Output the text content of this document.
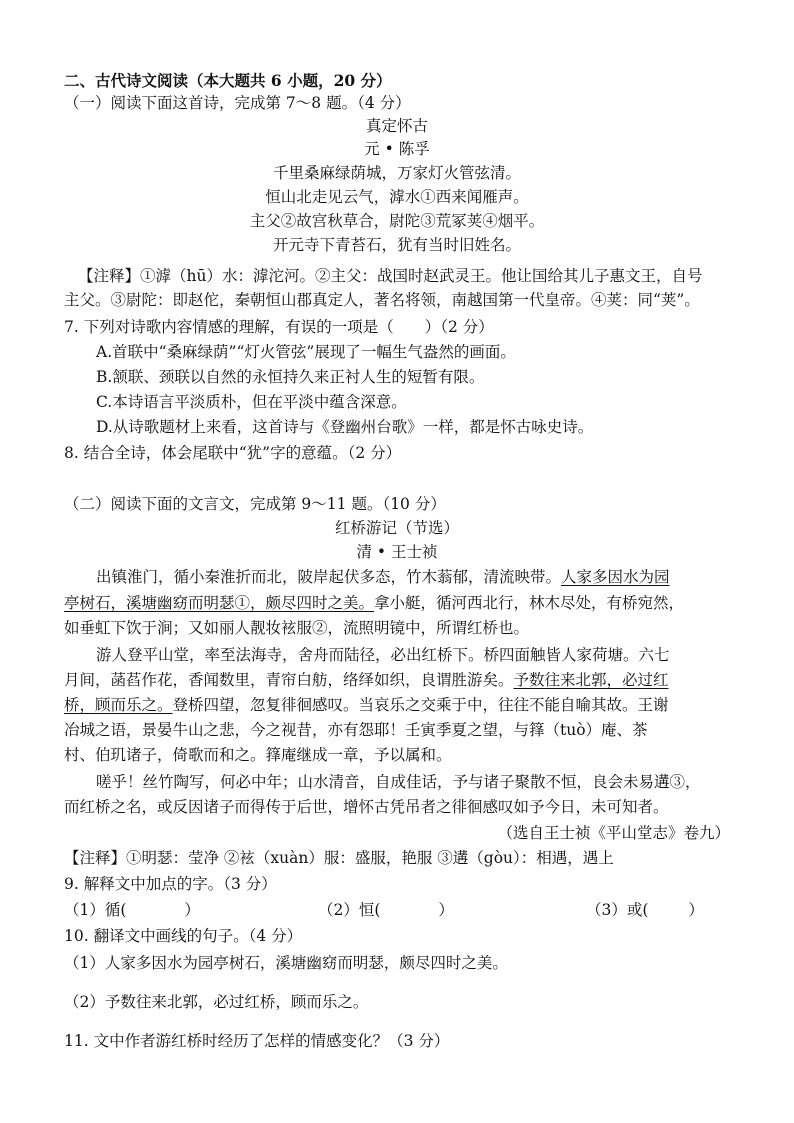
二、古代诗文阅读（本大题共 6 小题，20 分）
（一）阅读下面这首诗，完成第 7～8 题。（4 分）
真定怀古
元 • 陈孚
千里桑麻绿荫城，万家灯火管弦清。
恒山北走见云气，滹水①西来闻雁声。
主父②故宫秋草合，尉陀③荒冢荚④烟平。
开元寺下青苔石，犹有当时旧姓名。
【注释】①滹（hū）水：滹沱河。②主父：战国时赵武灵王。他让国给其儿子惠文王，自号
主父。③尉陀：即赵佗，秦朝恒山郡真定人，著名将领，南越国第一代皇帝。④荚：同“荚”。
7. 下列对诗歌内容情感的理解，有误的一项是（　　）（2 分）
A.首联中“桑麻绿荫”“灯火管弦”展现了一幅生气盎然的画面。
B.颔联、颈联以自然的永恒持久来正衬人生的短暂有限。
C.本诗语言平淡质朴，但在平淡中蕴含深意。
D.从诗歌题材上来看，这首诗与《登幽州台歌》一样，都是怀古咏史诗。
8. 结合全诗，体会尾联中“犹”字的意蕴。（2 分）
（二）阅读下面的文言文，完成第 9～11 题。（10 分）
红桥游记（节选）
清 • 王士祯
出镇淮门，循小秦淮折而北，陂岸起伏多态，竹木蓊郁，清流映带。人家多因水为园
亭树石，溪塘幽窈而明瑟①，颇尽四时之美。拿小艇，循河西北行，林木尽处，有桥宛然，
如垂虹下饮于涧；又如丽人靓妆袨服②，流照明镜中，所谓红桥也。
游人登平山堂，率至法海寺，舍舟而陆径，必出红桥下。桥四面触皆人家荷塘。六七
月间，菡萏作花，香闻数里，青帘白舫，络绎如织，良谓胜游矣。予数往来北郭，必过红
桥，顾而乐之。登桥四望，忽复徘徊感叹。当哀乐之交乘于中，往往不能自喻其故。王谢
冶城之语，景晏牛山之悲，今之视昔，亦有怨耶！壬寅季夏之望，与箨（tuò）庵、茶
村、伯玑诸子，倚歌而和之。箨庵继成一章，予以属和。
嗟乎！丝竹陶写，何必中年；山水清音，自成佳话，予与诸子聚散不恒，良会未易遘③，
而红桥之名，或反因诸子而得传于后世，增怀古凭吊者之徘徊感叹如予今日，未可知者。
（选自王士祯《平山堂志》卷九）
【注释】①明瑟：莹净 ②袨（xuàn）服：盛服，艳服 ③遘（gòu）：相遇，遇上
9. 解释文中加点的字。（3 分）
（1）循(	）	（2）恒(	）	（3）或(	）
10. 翻译文中画线的句子。（4 分）
（1）人家多因水为园亭树石，溪塘幽窈而明瑟，颇尽四时之美。
（2）予数往来北郭，必过红桥，顾而乐之。
11. 文中作者游红桥时经历了怎样的情感变化？（3 分）
